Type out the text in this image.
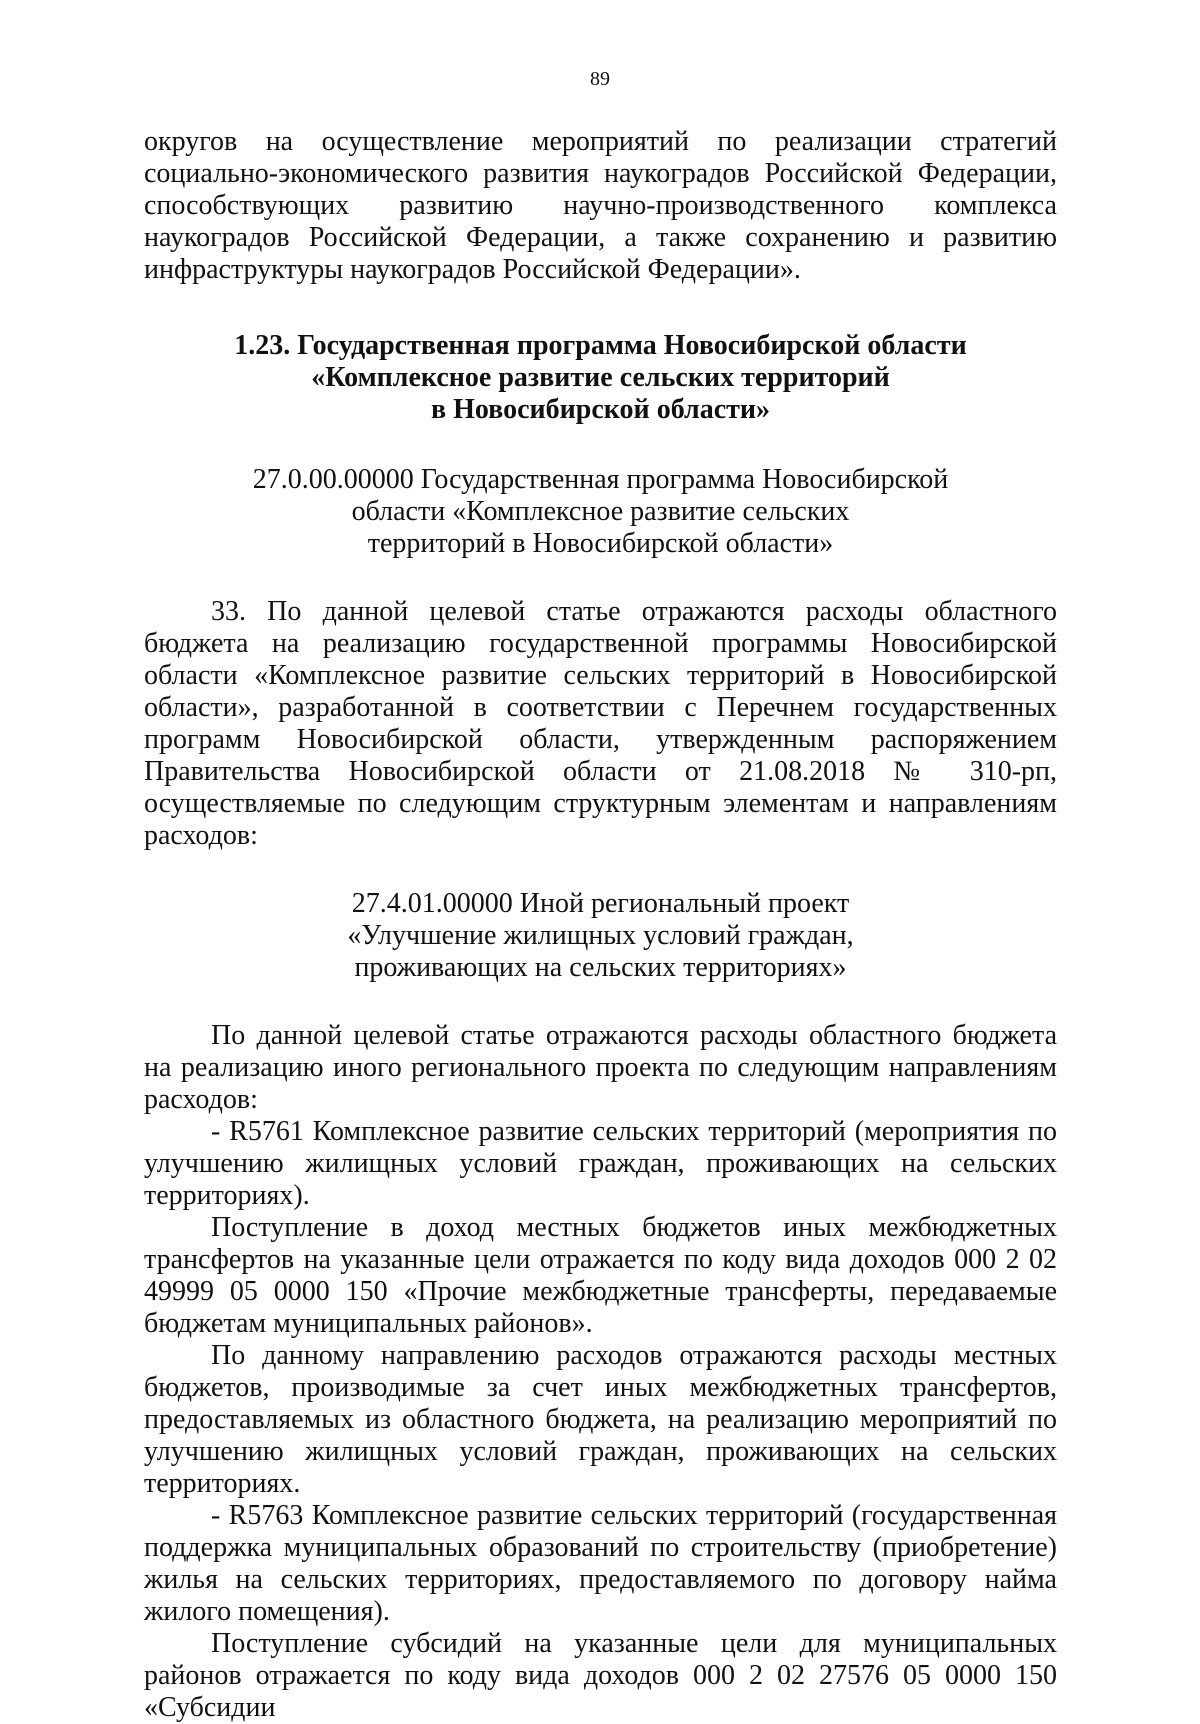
89

округов на осуществление мероприятий по реализации стратегий социально-экономического развития наукоградов Российской Федерации, способствующих развитию научно-производственного комплекса наукоградов Российской Федерации, а также сохранению и развитию инфраструктуры наукоградов Российской Федерации».

1.23. Государственная программа Новосибирской области
«Комплексное развитие сельских территорий
в Новосибирской области»
27.0.00.00000 Государственная программа Новосибирской
области «Комплексное развитие сельских
территорий в Новосибирской области»

33. По данной целевой статье отражаются расходы областного бюджета на реализацию государственной программы Новосибирской области «Комплексное развитие сельских территорий в Новосибирской области», разработанной в соответствии с Перечнем государственных программ Новосибирской области, утвержденным распоряжением Правительства Новосибирской области от 21.08.2018 № 310-рп, осуществляемые по следующим структурным элементам и направлениям расходов:

27.4.01.00000 Иной региональный проект
«Улучшение жилищных условий граждан,
проживающих на сельских территориях»

По данной целевой статье отражаются расходы областного бюджета на реализацию иного регионального проекта по следующим направлениям расходов:

- R5761 Комплексное развитие сельских территорий (мероприятия по улучшению жилищных условий граждан, проживающих на сельских территориях).

Поступление в доход местных бюджетов иных межбюджетных трансфертов на указанные цели отражается по коду вида доходов 000 2 02 49999 05 0000 150 «Прочие межбюджетные трансферты, передаваемые бюджетам муниципальных районов».

По данному направлению расходов отражаются расходы местных бюджетов, производимые за счет иных межбюджетных трансфертов, предоставляемых из областного бюджета, на реализацию мероприятий по улучшению жилищных условий граждан, проживающих на сельских территориях.

- R5763 Комплексное развитие сельских территорий (государственная поддержка муниципальных образований по строительству (приобретение) жилья на сельских территориях, предоставляемого по договору найма жилого помещения).

Поступление субсидий на указанные цели для муниципальных районов отражается по коду вида доходов 000 2 02 27576 05 0000 150 «Субсидии
